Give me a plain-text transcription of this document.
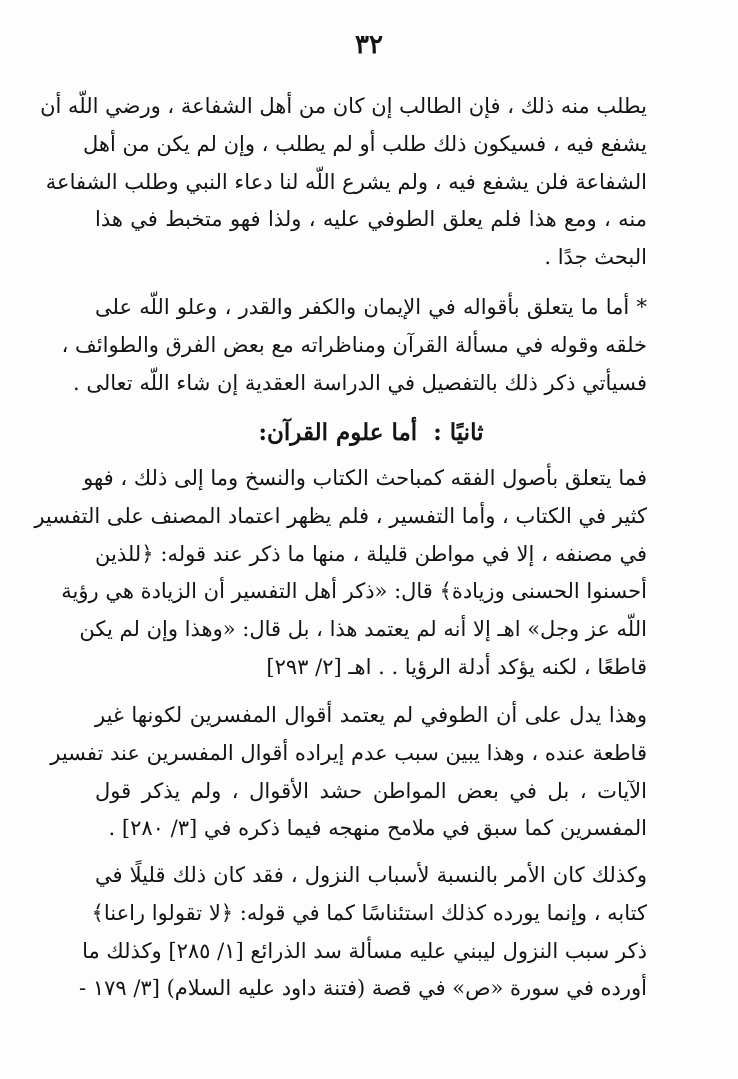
٣٢
يطلب منه ذلك ، فإن الطالب إن كان من أهل الشفاعة ، ورضي اللّه أن
يشفع فيه ، فسيكون ذلك طلب أو لم يطلب ، وإن لم يكن من أهل
الشفاعة فلن يشفع فيه ، ولم يشرع اللّه لنا دعاء النبي وطلب الشفاعة
منه ، ومع هذا فلم يعلق الطوفي عليه ، ولذا فهو متخبط في هذا
البحث جدًا .
* أما ما يتعلق بأقواله في الإيمان والكفر والقدر ، وعلو اللّه على
خلقه وقوله في مسألة القرآن ومناظراته مع بعض الفرق والطوائف ،
فسيأتي ذكر ذلك بالتفصيل في الدراسة العقدية إن شاء اللّه تعالى .
ثانيًا : أما علوم القرآن:
فما يتعلق بأصول الفقه كمباحث الكتاب والنسخ وما إلى ذلك ، فهو
كثير في الكتاب ، وأما التفسير ، فلم يظهر اعتماد المصنف على التفسير
في مصنفه ، إلا في مواطن قليلة ، منها ما ذكر عند قوله: ﴿للذين
أحسنوا الحسنى وزيادة﴾ قال: «ذكر أهل التفسير أن الزيادة هي رؤية
اللّه عز وجل» اهـ إلا أنه لم يعتمد هذا ، بل قال: «وهذا وإن لم يكن
قاطعًا ، لكنه يؤكد أدلة الرؤيا . . اهـ [٢/ ٢٩٣]
وهذا يدل على أن الطوفي لم يعتمد أقوال المفسرين لكونها غير
قاطعة عنده ، وهذا يبين سبب عدم إيراده أقوال المفسرين عند تفسير
الآيات ، بل في بعض المواطن حشد الأقوال ، ولم يذكر قول
المفسرين كما سبق في ملامح منهجه فيما ذكره في [٣/ ٢٨٠] .
وكذلك كان الأمر بالنسبة لأسباب النزول ، فقد كان ذلك قليلًا في
كتابه ، وإنما يورده كذلك استئناسًا كما في قوله: ﴿لا تقولوا راعنا﴾
ذكر سبب النزول ليبني عليه مسألة سد الذرائع [١/ ٢٨٥] وكذلك ما
أورده في سورة «ص» في قصة (فتنة داود عليه السلام) [٣/ ١٧٩ -
